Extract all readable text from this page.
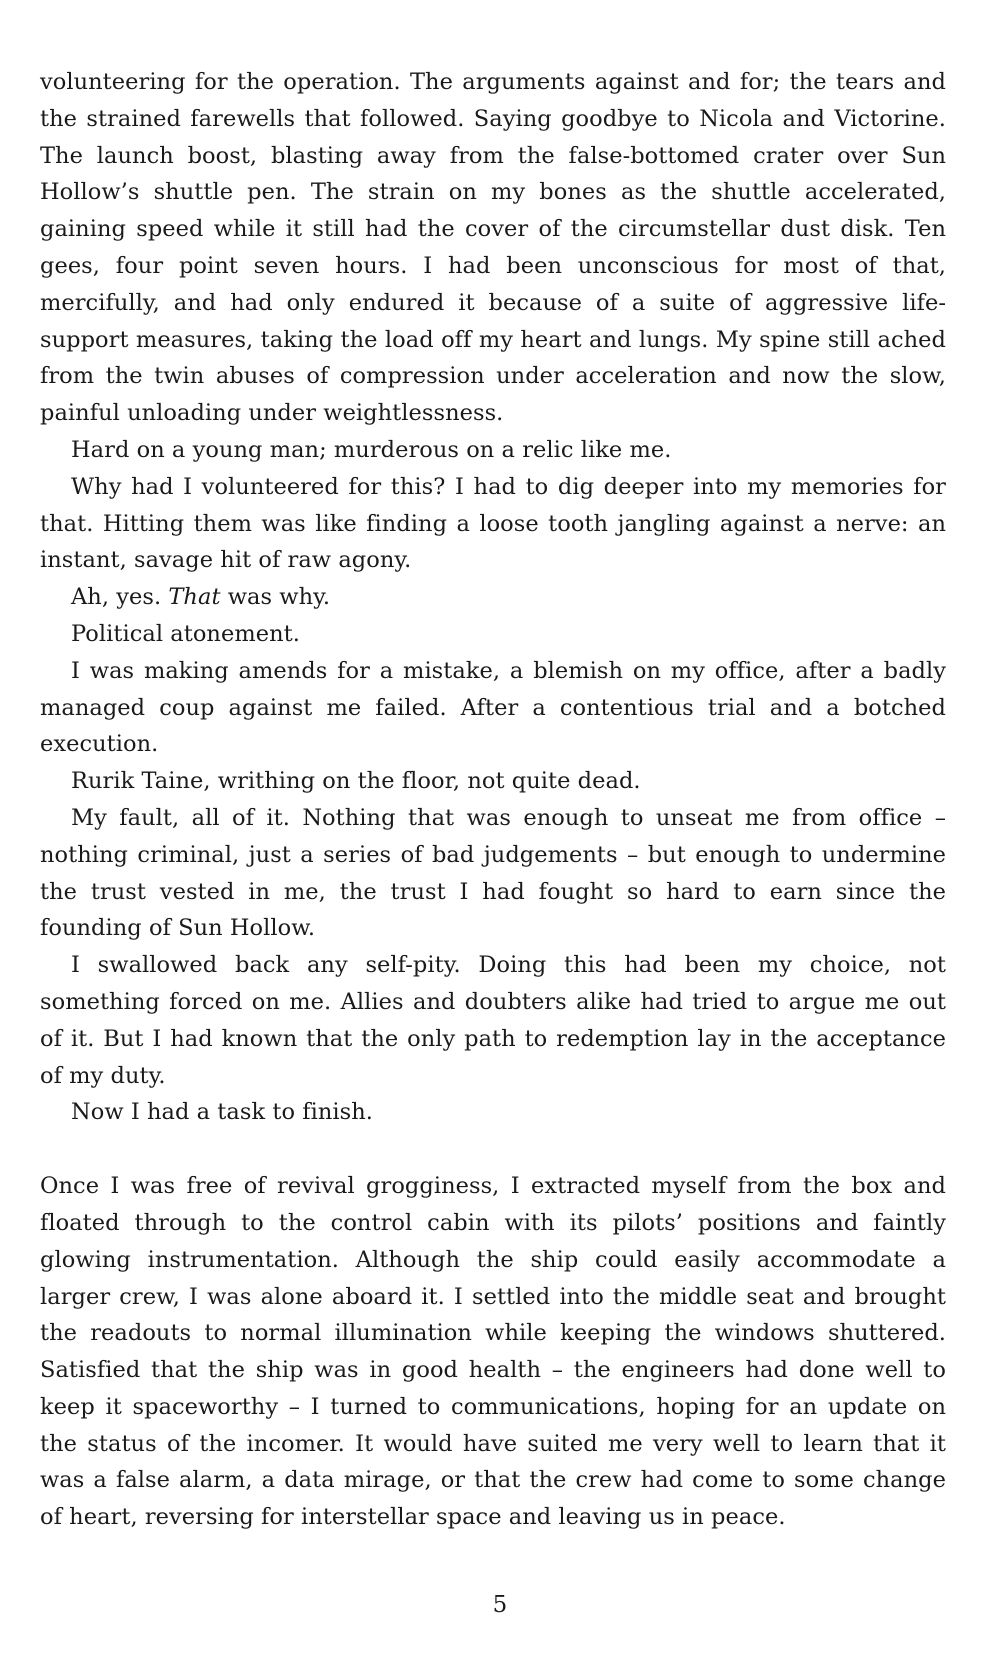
volunteering for the operation. The arguments against and for; the tears and the strained farewells that followed. Saying goodbye to Nicola and Victorine. The launch boost, blasting away from the false-bottomed crater over Sun Hollow’s shuttle pen. The strain on my bones as the shuttle accelerated, gaining speed while it still had the cover of the circumstellar dust disk. Ten gees, four point seven hours. I had been unconscious for most of that, mercifully, and had only endured it because of a suite of aggressive life-support measures, taking the load off my heart and lungs. My spine still ached from the twin abuses of compression under acceleration and now the slow, painful unloading under weightlessness.

Hard on a young man; murderous on a relic like me.

Why had I volunteered for this? I had to dig deeper into my memories for that. Hitting them was like finding a loose tooth jangling against a nerve: an instant, savage hit of raw agony.

Ah, yes. That was why.

Political atonement.

I was making amends for a mistake, a blemish on my office, after a badly managed coup against me failed. After a contentious trial and a botched execution.

Rurik Taine, writhing on the floor, not quite dead.

My fault, all of it. Nothing that was enough to unseat me from office – nothing criminal, just a series of bad judgements – but enough to undermine the trust vested in me, the trust I had fought so hard to earn since the founding of Sun Hollow.

I swallowed back any self-pity. Doing this had been my choice, not something forced on me. Allies and doubters alike had tried to argue me out of it. But I had known that the only path to redemption lay in the acceptance of my duty.

Now I had a task to finish.

Once I was free of revival grogginess, I extracted myself from the box and floated through to the control cabin with its pilots’ positions and faintly glowing instrumentation. Although the ship could easily accommodate a larger crew, I was alone aboard it. I settled into the middle seat and brought the readouts to normal illumination while keeping the windows shuttered. Satisfied that the ship was in good health – the engineers had done well to keep it spaceworthy – I turned to communications, hoping for an update on the status of the incomer. It would have suited me very well to learn that it was a false alarm, a data mirage, or that the crew had come to some change of heart, reversing for interstellar space and leaving us in peace.

5
